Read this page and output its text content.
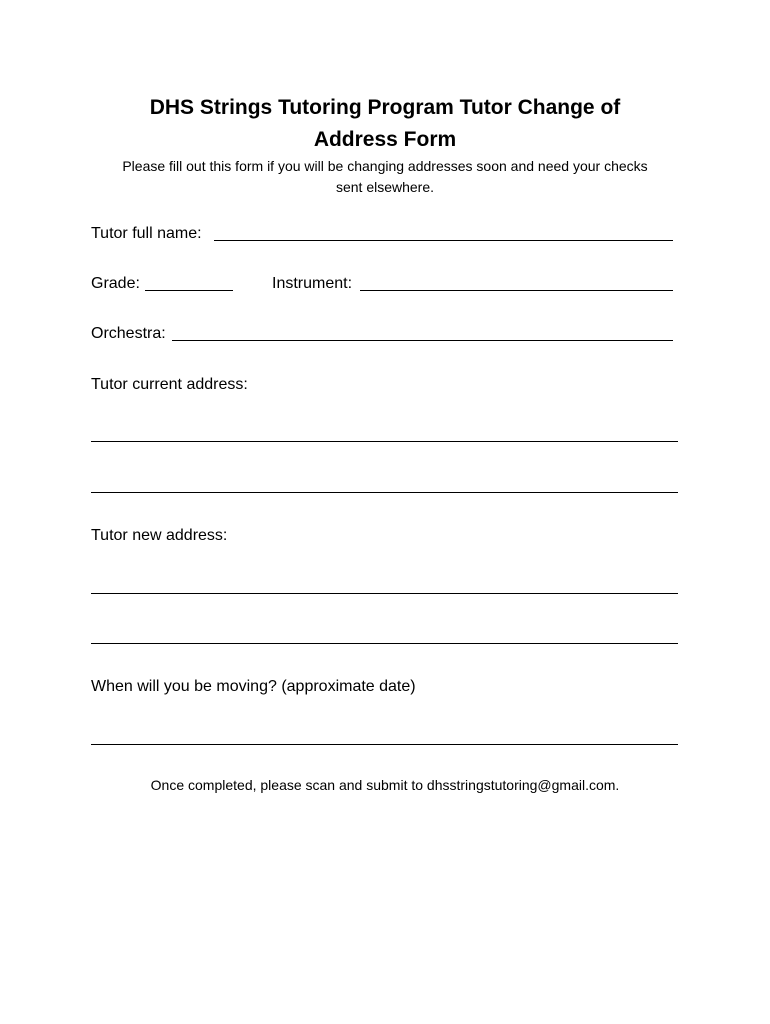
DHS Strings Tutoring Program Tutor Change of
Address Form
Please fill out this form if you will be changing addresses soon and need your checks
sent elsewhere.
Tutor full name:
Grade:	Instrument:
Orchestra:
Tutor current address:
Tutor new address:
When will you be moving? (approximate date)
Once completed, please scan and submit to dhsstringstutoring@gmail.com.
